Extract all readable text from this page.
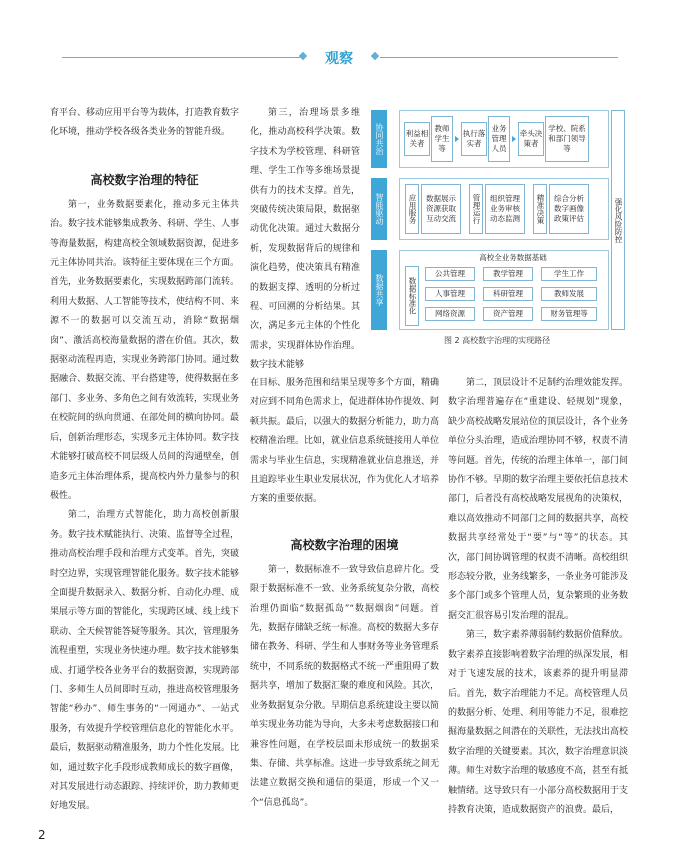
观察

育平台、移动应用平台等为载体，打造教育数字化环境，推动学校各级各类业务的智能升级。

高校数字治理的特征

第一，业务数据要素化，推动多元主体共治。数字技术能够集成教务、科研、学生、人事等海量数据，构建高校全领域数据资源，促进多元主体协同共治。该特征主要体现在三个方面。首先，业务数据要素化，实现数据跨部门流转。利用大数据、人工智能等技术，使结构不同、来源不一的数据可以交流互动，消除“数据烟囱”、激活高校海量数据的潜在价值。其次，数据驱动流程再造，实现业务跨部门协同。通过数据融合、数据交流、平台搭建等，使得数据在多部门、多业务、多角色之间有效流转，实现业务在校院间的纵向贯通、在部处间的横向协同。最后，创新治理形态，实现多元主体协同。数字技术能够打破高校不同层级人员间的沟通壁垒，创造多元主体治理体系，提高校内外力量参与的积极性。

第二，治理方式智能化，助力高校创新服务。数字技术赋能执行、决策、监督等全过程，推动高校治理手段和治理方式变革。首先，突破时空边界，实现管理智能化服务。数字技术能够全面提升数据录入、数据分析、自动化办理、成果展示等方面的智能化，实现跨区域、线上线下联动、全天候智能答疑等服务。其次，管理服务流程重塑，实现业务快速办理。数字技术能够集成、打通学校各业务平台的数据资源，实现跨部门、多师生人员间即时互动，推进高校管理服务智能“秒办”、师生事务的“一网通办”、一站式服务，有效提升学校管理信息化的智能化水平。最后，数据驱动精准服务，助力个性化发展。比如，通过数字化手段形成教师成长的数字画像，对其发展进行动态跟踪、持续评价，助力教师更好地发展。

第三，治理场景多维化，推动高校科学决策。数字技术为学校管理、科研管理、学生工作等多维场景提供有力的技术支撑。首先，突破传统决策局限，数据驱动优化决策。通过大数据分析，发现数据背后的规律和演化趋势，使决策具有精准的数据支撑、透明的分析过程、可回溯的分析结果。其次，满足多元主体的个性化需求，实现群体协作治理。数字技术能够

在目标、服务范围和结果呈现等多个方面，精确对应到不同角色需求上，促进群体协作提效、阿顿共振。最后，以强大的数据分析能力，助力高校精准治理。比如，就业信息系统链接用人单位需求与毕业生信息，实现精准就业信息推送，并且追踪毕业生职业发展状况，作为优化人才培养方案的重要依据。

高校数字治理的困境

第一，数据标准不一致导致信息碎片化。受限于数据标准不一致、业务系统复杂分散，高校治理仍面临“数据孤岛”“数据烟囱”问题。首先，数据存储缺乏统一标准。高校的数据大多存储在教务、科研、学生和人事财务等业务管理系统中，不同系统的数据格式不统一严重阻碍了数据共享，增加了数据汇聚的难度和风险。其次，业务数据复杂分散。早期信息系统建设主要以简单实现业务功能为导向，大多未考虑数据接口和兼容性问题，在学校层面未形成统一的数据采集、存储、共享标准。这进一步导致系统之间无法建立数据交换和通信的渠道，形成一个又一个“信息孤岛”。

第二，顶层设计不足制约治理效能发挥。数字治理普遍存在“重建设、轻规划”现象，缺少高校战略发展站位的顶层设计，各个业务单位分头治理，造成治理协同不够，权责不清等问题。首先，传统的治理主体单一，部门间协作不够。早期的数字治理主要依托信息技术部门，后者没有高校战略发展视角的决策权，难以高效推动不同部门之间的数据共享，高校数据共享经常处于“要”与“等”的状态。其次，部门间协调管理的权责不清晰。高校组织形态较分散，业务线繁多，一条业务可能涉及多个部门或多个管理人员，复杂繁琐的业务数据交汇很容易引发治理的混乱。

第三，数字素养薄弱制约数据价值释放。数字素养直接影响着数字治理的纵深发展，相对于飞速发展的技术，该素养的提升明显滞后。首先，数字治理能力不足。高校管理人员的数据分析、处理、利用等能力不足，很难挖掘海量数据之间潜在的关联性，无法找出高校数字治理的关键要素。其次，数字治理意识淡薄。师生对数字治理的敏感度不高，甚至有抵触情绪。这导致只有一小部分高校数据用于支持教育决策，造成数据资产的浪费。最后，

协同共治
智能驱动
数据共享
利益相关者
教师 学生 等
执行落实者
业务 管理 人员
牵头决策者
学校、院系和部门领导等
应用服务	数据展示 资源获取 互动交流	管理运行	组织管理 业务审核 动态监测	精准决策	综合分析 数字画像 政策评估	强化风险防控
高校全业务数据基础
数据标准化
公共管理	教学管理	学生工作
人事管理	科研管理	教师发展
网络资源	资产管理	财务管理等
图 2 高校数字治理的实现路径
2
